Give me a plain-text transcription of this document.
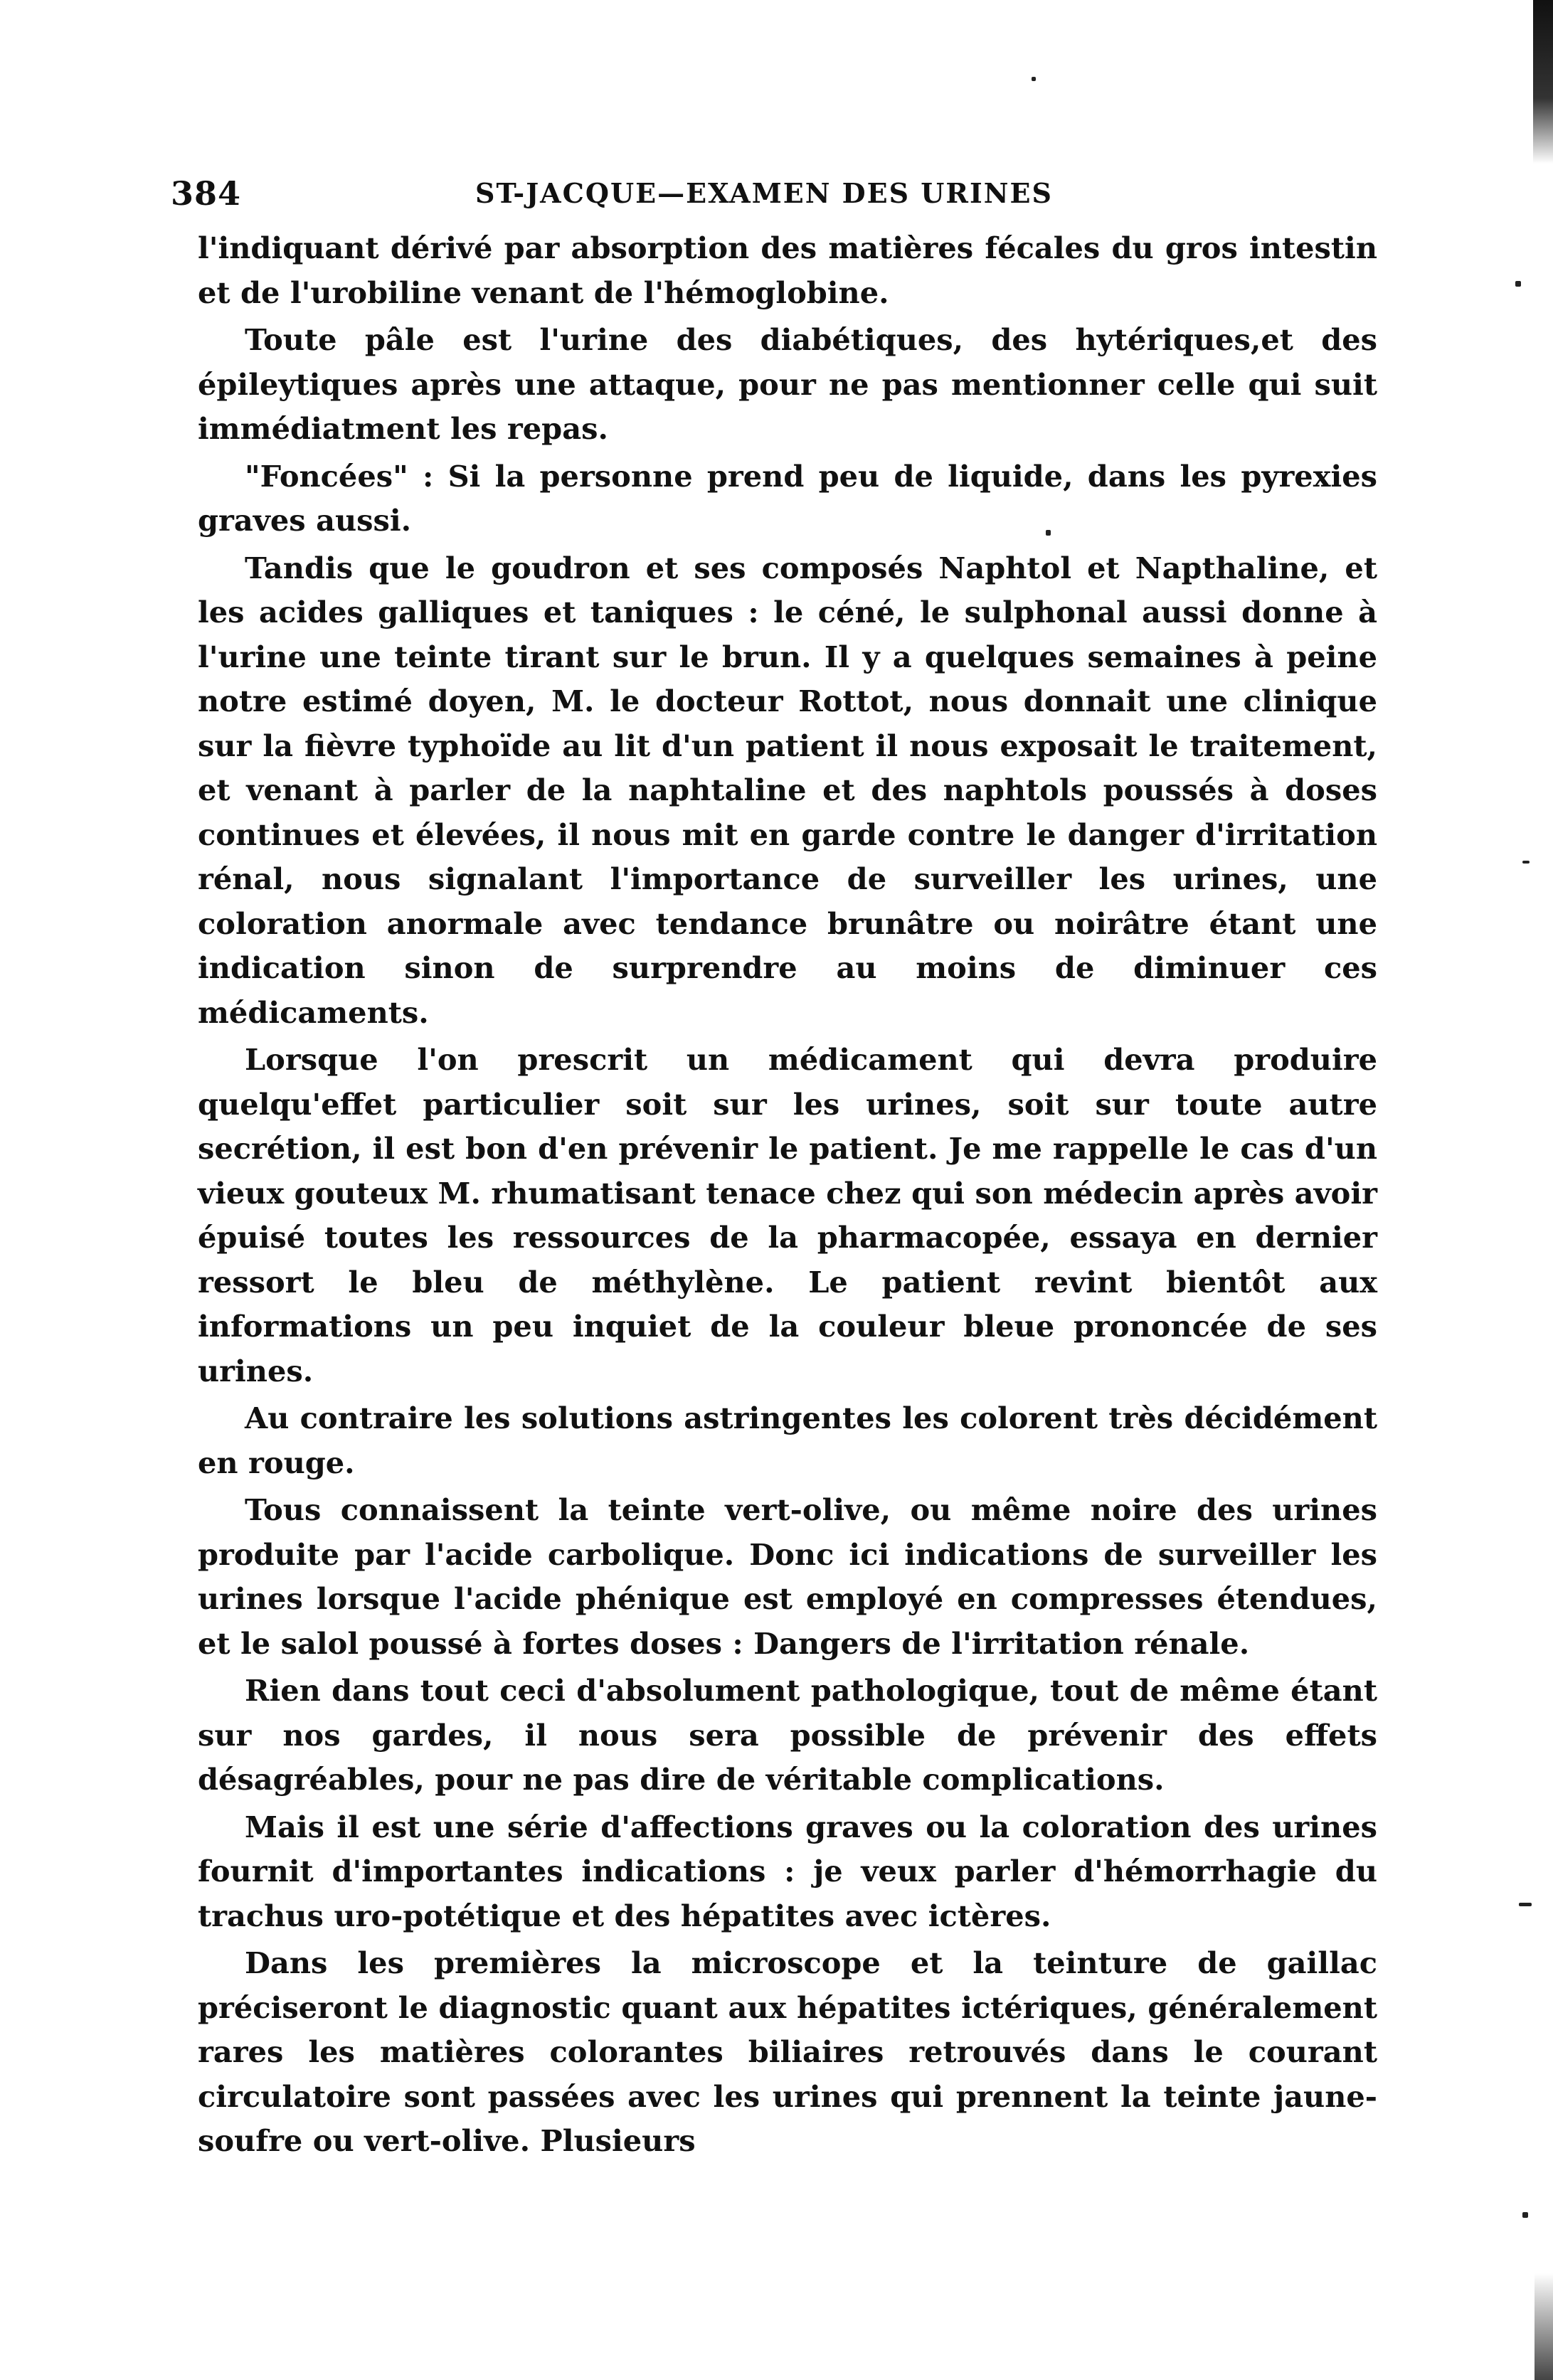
384	ST-JACQUE—EXAMEN DES URINES

l'indiquant dérivé par absorption des matières fécales du gros intestin et de l'urobiline venant de l'hémoglobine.

Toute pâle est l'urine des diabétiques, des hytériques,et des épileytiques après une attaque, pour ne pas mentionner celle qui suit immédiatment les repas.

"Foncées" : Si la personne prend peu de liquide, dans les pyrexies graves aussi.

Tandis que le goudron et ses composés Naphtol et Napthaline, et les acides galliques et taniques : le céné, le sulphonal aussi donne à l'urine une teinte tirant sur le brun. Il y a quelques semaines à peine notre estimé doyen, M. le docteur Rottot, nous donnait une clinique sur la fièvre typhoïde au lit d'un patient il nous exposait le traitement, et venant à parler de la naphtaline et des naphtols poussés à doses continues et élevées, il nous mit en garde contre le danger d'irritation rénal, nous signalant l'importance de surveiller les urines, une coloration anormale avec tendance brunâtre ou noirâtre étant une indication sinon de surprendre au moins de diminuer ces médicaments.

Lorsque l'on prescrit un médicament qui devra produire quelqu'effet particulier soit sur les urines, soit sur toute autre secrétion, il est bon d'en prévenir le patient. Je me rappelle le cas d'un vieux gouteux M. rhumatisant tenace chez qui son médecin après avoir épuisé toutes les ressources de la pharmacopée, essaya en dernier ressort le bleu de méthylène. Le patient revint bientôt aux informations un peu inquiet de la couleur bleue prononcée de ses urines.

Au contraire les solutions astringentes les colorent très décidément en rouge.

Tous connaissent la teinte vert-olive, ou même noire des urines produite par l'acide carbolique. Donc ici indications de surveiller les urines lorsque l'acide phénique est employé en compresses étendues, et le salol poussé à fortes doses : Dangers de l'irritation rénale.

Rien dans tout ceci d'absolument pathologique, tout de même étant sur nos gardes, il nous sera possible de prévenir des effets désagréables, pour ne pas dire de véritable complications.

Mais il est une série d'affections graves ou la coloration des urines fournit d'importantes indications : je veux parler d'hémorrhagie du trachus uro-potétique et des hépatites avec ictères.

Dans les premières la microscope et la teinture de gaillac préciseront le diagnostic quant aux hépatites ictériques, généralement rares les matières colorantes biliaires retrouvés dans le courant circulatoire sont passées avec les urines qui prennent la teinte jaune-soufre ou vert-olive. Plusieurs
